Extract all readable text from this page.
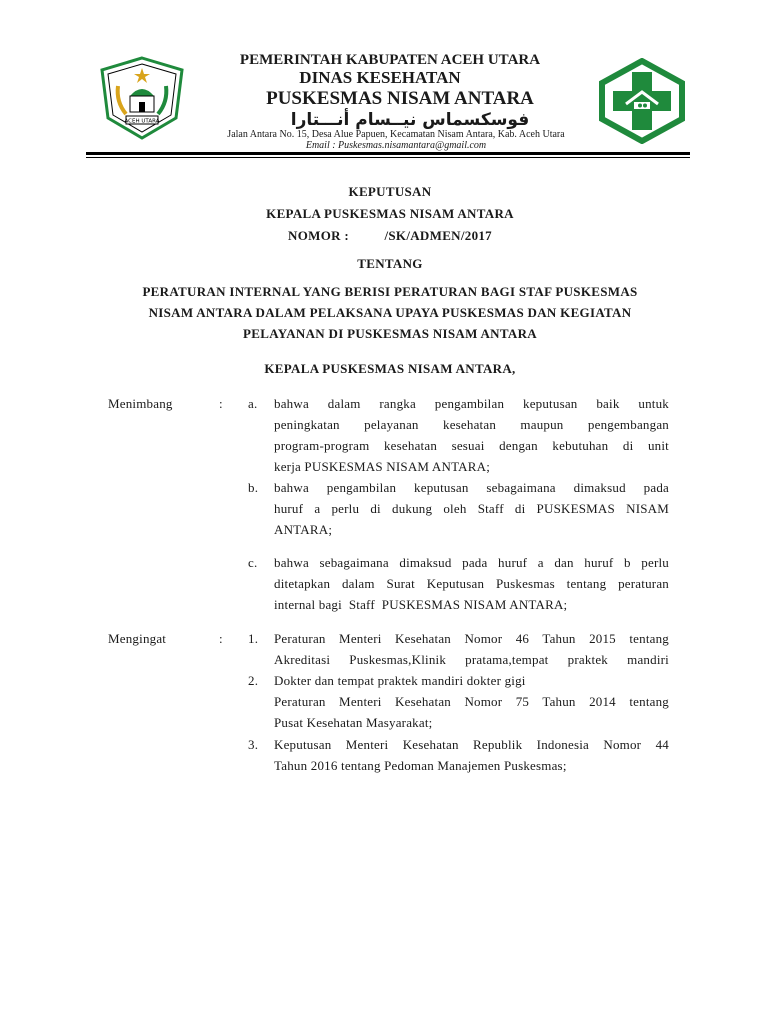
ACEH UTARA
PEMERINTAH KABUPATEN ACEH UTARA
DINAS KESEHATAN
PUSKESMAS NISAM ANTARA
فوسكسماس نيــسام أنـــتارا
Jalan Antara No. 15, Desa Alue Papuen, Kecamatan Nisam Antara, Kab. Aceh Utara
Email : Puskesmas.nisamantara@gmail.com
KEPUTUSAN
KEPALA PUSKESMAS NISAM ANTARA
NOMOR :          /SK/ADMEN/2017
TENTANG
PERATURAN INTERNAL YANG BERISI PERATURAN BAGI STAF PUSKESMAS
NISAM ANTARA DALAM PELAKSANA UPAYA PUSKESMAS DAN KEGIATAN
PELAYANAN DI PUSKESMAS NISAM ANTARA
KEPALA PUSKESMAS NISAM ANTARA,
Menimbang	: a. bahwa dalam rangka pengambilan keputusan baik untuk
peningkatan pelayanan kesehatan maupun pengembangan
program-program kesehatan sesuai dengan kebutuhan di unit
kerja PUSKESMAS NISAM ANTARA;
b. bahwa pengambilan keputusan sebagaimana dimaksud pada
huruf a perlu di dukung oleh Staff di PUSKESMAS NISAM
ANTARA;
c. bahwa sebagaimana dimaksud pada huruf a dan huruf b perlu
ditetapkan dalam Surat Keputusan Puskesmas tentang peraturan
internal bagi  Staff  PUSKESMAS NISAM ANTARA;
Mengingat	: 1. Peraturan Menteri Kesehatan Nomor 46 Tahun 2015 tentang
Akreditasi Puskesmas,Klinik pratama,tempat praktek mandiri
2. Dokter dan tempat praktek mandiri dokter gigi
Peraturan Menteri Kesehatan Nomor 75 Tahun 2014 tentang
Pusat Kesehatan Masyarakat;
3. Keputusan Menteri Kesehatan Republik Indonesia Nomor 44
Tahun 2016 tentang Pedoman Manajemen Puskesmas;
